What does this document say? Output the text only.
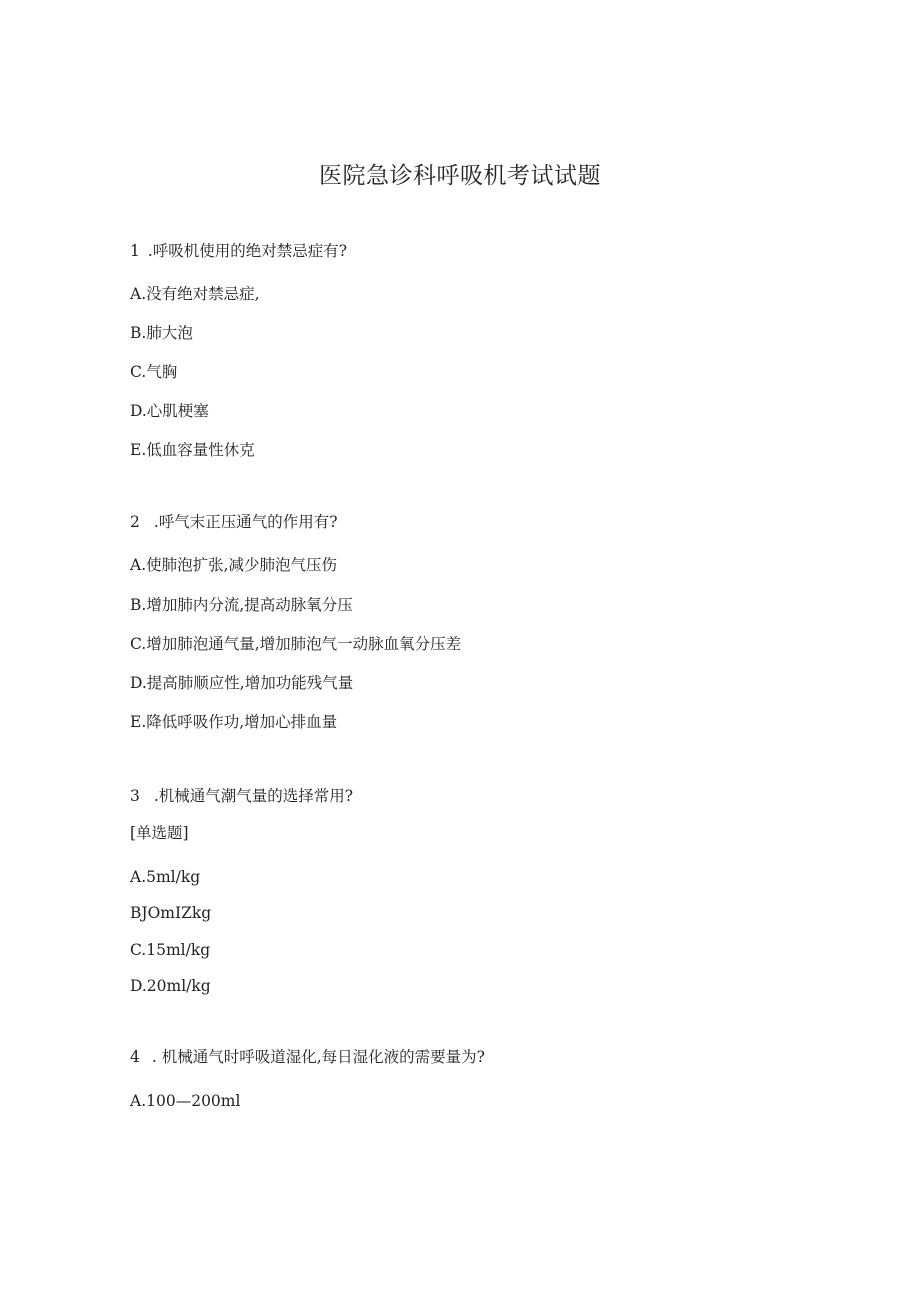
医院急诊科呼吸机考试试题
1 .呼吸机使用的绝对禁忌症有?
A.没有绝对禁忌症,
B.肺大泡
C.气胸
D.心肌梗塞
E.低血容量性休克
2 .呼气末正压通气的作用有?
A.使肺泡扩张,减少肺泡气压伤
B.增加肺内分流,提高动脉氧分压
C.增加肺泡通气量,增加肺泡气一动脉血氧分压差
D.提高肺顺应性,增加功能残气量
E.降低呼吸作功,增加心排血量
3 .机械通气潮气量的选择常用?
[单选题]
A.5ml/kg
BJOmIZkg
C.15ml/kg
D.20ml/kg
4 . 机械通气时呼吸道湿化,每日湿化液的需要量为?
A.100—200ml
